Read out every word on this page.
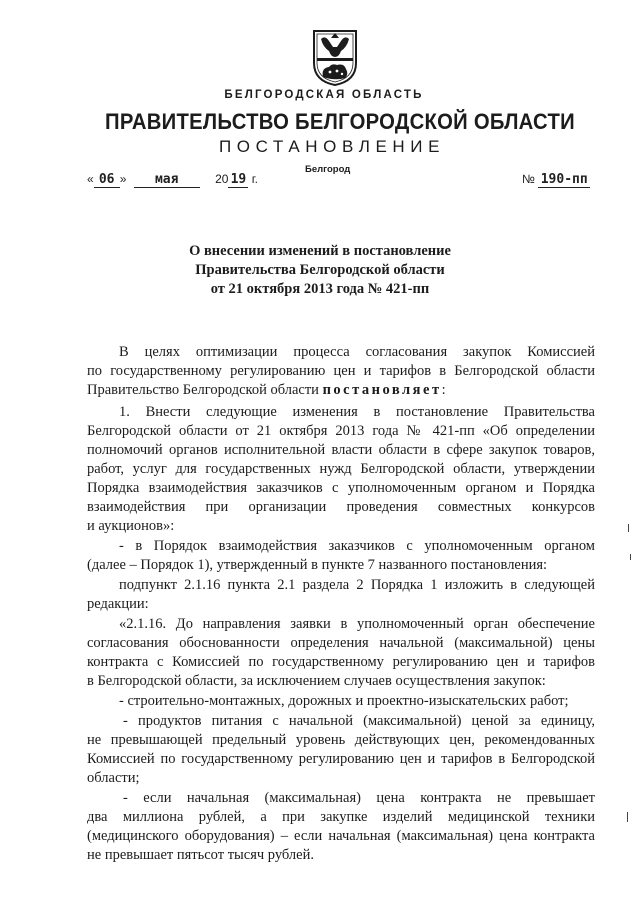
БЕЛГОРОДСКАЯ ОБЛАСТЬ
ПРАВИТЕЛЬСТВО БЕЛГОРОДСКОЙ ОБЛАСТИ
ПОСТАНОВЛЕНИЕ
Белгород
« 06 » мая	20 19 г.	№ 190-пп
О внесении изменений в постановление
Правительства Белгородской области
от 21 октября 2013 года № 421-пп
В целях оптимизации процесса согласования закупок Комиссией
по государственному регулированию цен и тарифов в Белгородской области
Правительство Белгородской области постановляет:
1. Внести следующие изменения в постановление Правительства
Белгородской области от 21 октября 2013 года № 421-пп «Об определении
полномочий органов исполнительной власти области в сфере закупок товаров,
работ, услуг для государственных нужд Белгородской области, утверждении
Порядка взаимодействия заказчиков с уполномоченным органом и Порядка
взаимодействия при организации проведения совместных конкурсов
и аукционов»:
- в Порядок взаимодействия заказчиков с уполномоченным органом
(далее – Порядок 1), утвержденный в пункте 7 названного постановления:
подпункт 2.1.16 пункта 2.1 раздела 2 Порядка 1 изложить в следующей
редакции:
«2.1.16. До направления заявки в уполномоченный орган обеспечение
согласования обоснованности определения начальной (максимальной) цены
контракта с Комиссией по государственному регулированию цен и тарифов
в Белгородской области, за исключением случаев осуществления закупок:
- строительно-монтажных, дорожных и проектно-изыскательских работ;
- продуктов питания с начальной (максимальной) ценой за единицу,
не превышающей предельный уровень действующих цен, рекомендованных
Комиссией по государственному регулированию цен и тарифов в Белгородской
области;
- если начальная (максимальная) цена контракта не превышает
два миллиона рублей, а при закупке изделий медицинской техники
(медицинского оборудования) – если начальная (максимальная) цена контракта
не превышает пятьсот тысяч рублей.
